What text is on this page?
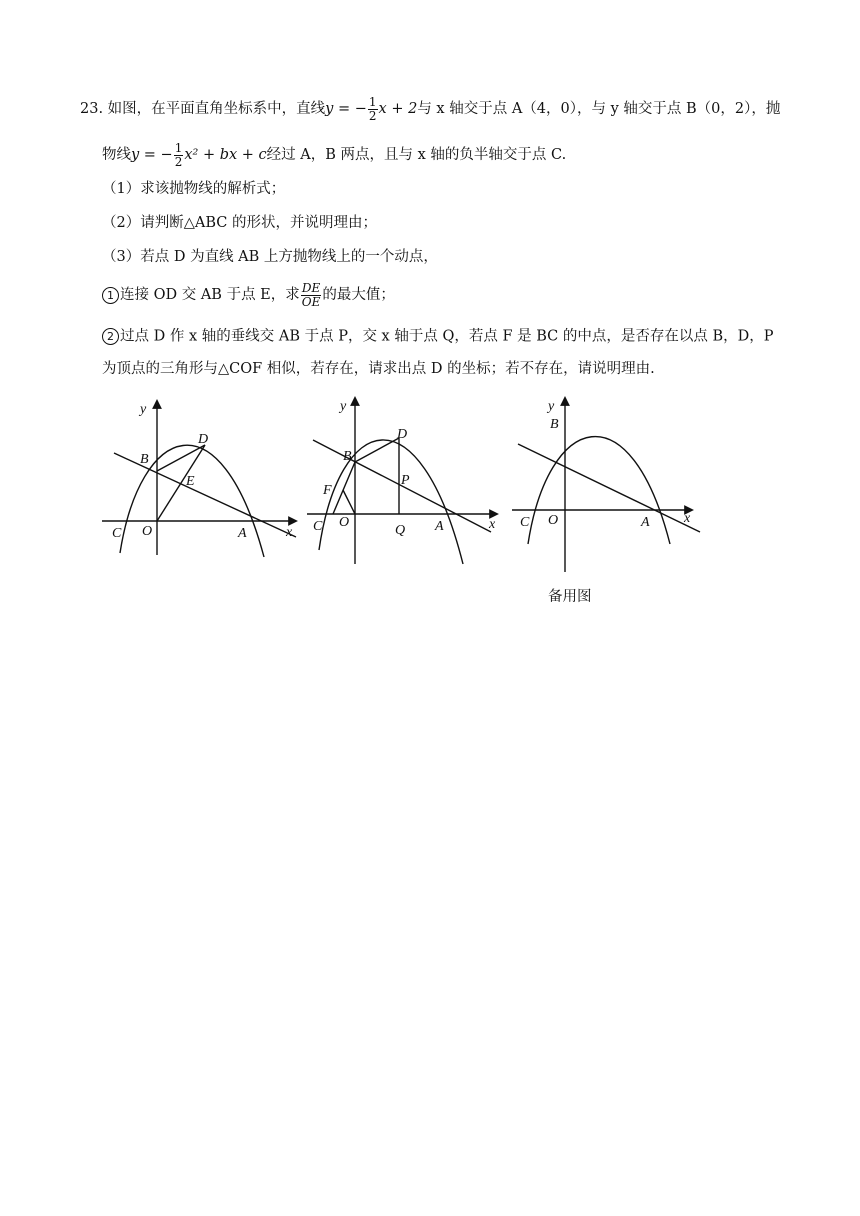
23. 如图，在平面直角坐标系中，直线y = − $\frac{1}{2}$ x + 2与 x 轴交于点 A（4，0），与 y 轴交于点 B（0，2），抛
物线y = − $\frac{1}{2} x^2$ + bx + c经过 A，B 两点，且与 x 轴的负半轴交于点 C.
（1）求该抛物线的解析式；
（2）请判断△ABC 的形状，并说明理由；
（3）若点 D 为直线 AB 上方抛物线上的一个动点，
1 连接 OD 交 AB 于点 E，求 $\frac{DE}{OE}$ 的最大值；
2 过点 D 作 x 轴的垂线交 AB 于点 P，交 x 轴于点 Q，若点 F 是 BC 的中点，是否存在以点 B，D，P
为顶点的三角形与△COF 相似，若存在，请求出点 D 的坐标；若不存在，请说明理由.
y
B
D
E
C O	A	x
y
B
D
P
F
C O
Q A	x
y
B
C O	A x
备用图
